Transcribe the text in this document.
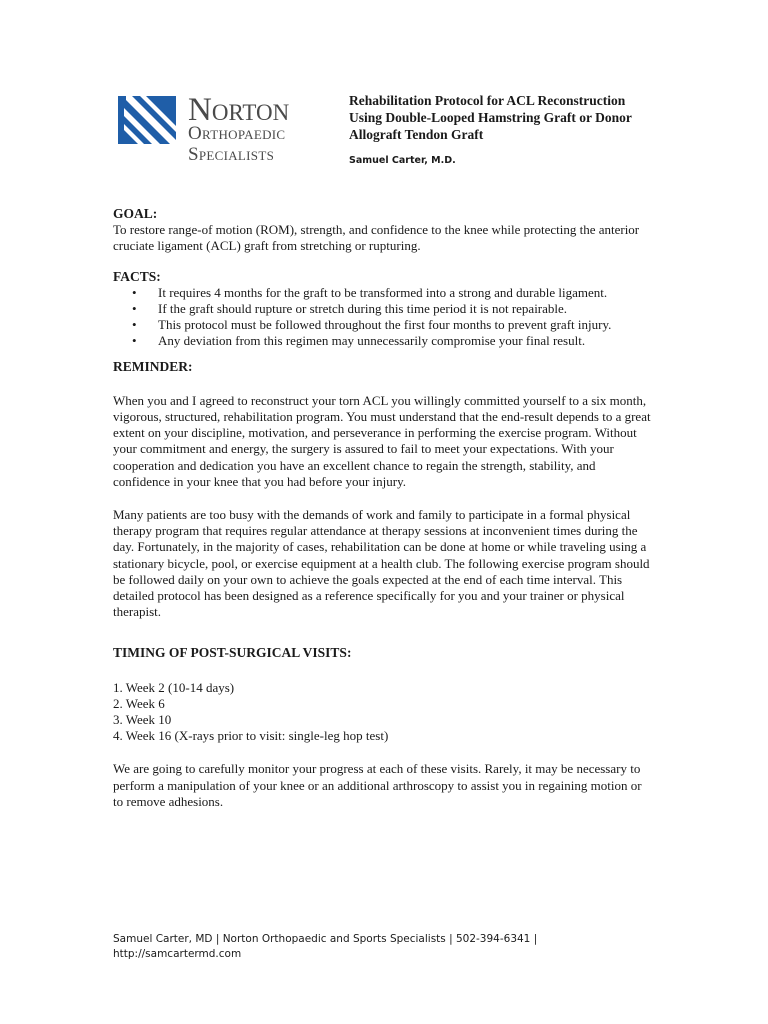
Norton
Orthopaedic
Specialists
Rehabilitation Protocol for ACL Reconstruction
Using Double-Looped Hamstring Graft or Donor
Allograft Tendon Graft
Samuel Carter, M.D.

GOAL:

To restore range-of motion (ROM), strength, and confidence to the knee while protecting the anterior cruciate ligament (ACL) graft from stretching or rupturing.

FACTS:

• It requires 4 months for the graft to be transformed into a strong and durable ligament.
• If the graft should rupture or stretch during this time period it is not repairable.
• This protocol must be followed throughout the first four months to prevent graft injury.
• Any deviation from this regimen may unnecessarily compromise your final result.

REMINDER:

When you and I agreed to reconstruct your torn ACL you willingly committed yourself to a six month, vigorous, structured, rehabilitation program. You must understand that the end-result depends to a great extent on your discipline, motivation, and perseverance in performing the exercise program. Without your commitment and energy, the surgery is assured to fail to meet your expectations. With your cooperation and dedication you have an excellent chance to regain the strength, stability, and confidence in your knee that you had before your injury.

Many patients are too busy with the demands of work and family to participate in a formal physical therapy program that requires regular attendance at therapy sessions at inconvenient times during the day. Fortunately, in the majority of cases, rehabilitation can be done at home or while traveling using a stationary bicycle, pool, or exercise equipment at a health club. The following exercise program should be followed daily on your own to achieve the goals expected at the end of each time interval. This detailed protocol has been designed as a reference specifically for you and your trainer or physical therapist.

TIMING OF POST-SURGICAL VISITS:

1. Week 2 (10-14 days)

2. Week 6

3. Week 10

4. Week 16 (X-rays prior to visit: single-leg hop test)

We are going to carefully monitor your progress at each of these visits. Rarely, it may be necessary to perform a manipulation of your knee or an additional arthroscopy to assist you in regaining motion or to remove adhesions.

Samuel Carter, MD | Norton Orthopaedic and Sports Specialists | 502-394-6341 |
http://samcartermd.com
